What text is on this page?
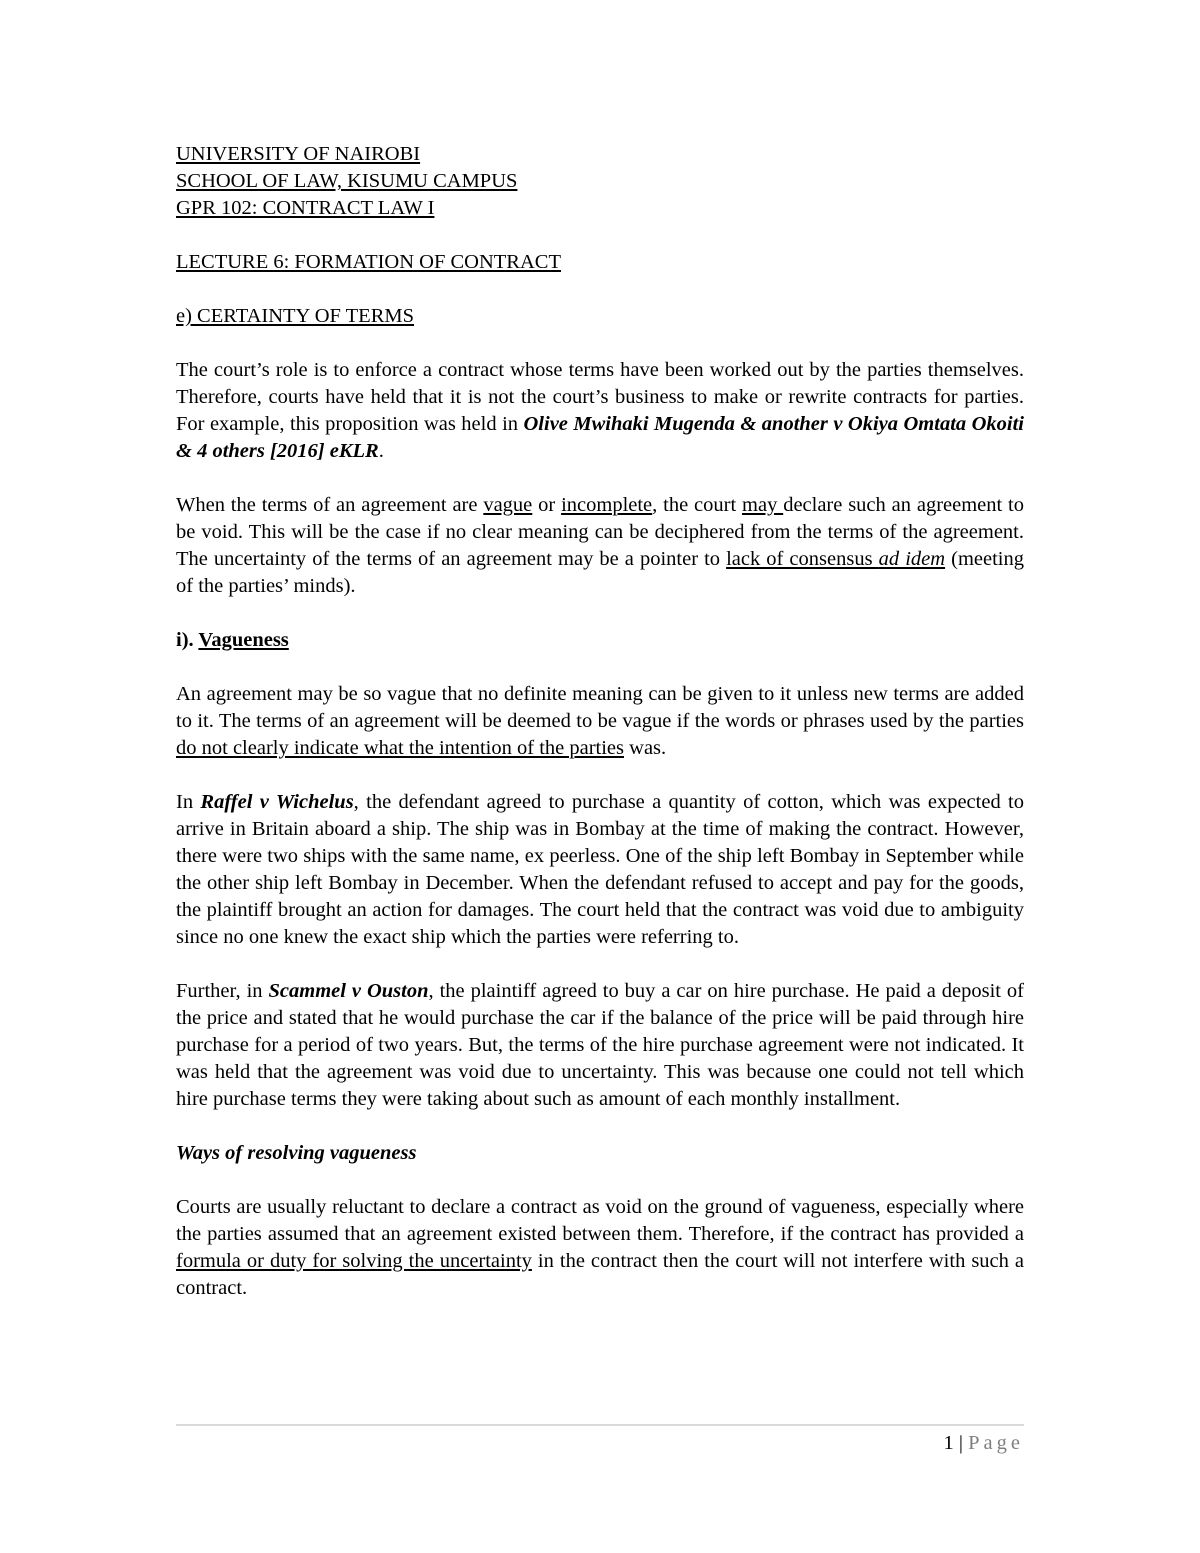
UNIVERSITY OF NAIROBI
SCHOOL OF LAW, KISUMU CAMPUS
GPR 102: CONTRACT LAW I

LECTURE 6: FORMATION OF CONTRACT

e) CERTAINTY OF TERMS

The court’s role is to enforce a contract whose terms have been worked out by the parties themselves. Therefore, courts have held that it is not the court’s business to make or rewrite contracts for parties. For example, this proposition was held in Olive Mwihaki Mugenda & another v Okiya Omtata Okoiti & 4 others [2016] eKLR.

When the terms of an agreement are vague or incomplete, the court may declare such an agreement to be void. This will be the case if no clear meaning can be deciphered from the terms of the agreement. The uncertainty of the terms of an agreement may be a pointer to lack of consensus ad idem (meeting of the parties’ minds).

i). Vagueness

An agreement may be so vague that no definite meaning can be given to it unless new terms are added to it. The terms of an agreement will be deemed to be vague if the words or phrases used by the parties do not clearly indicate what the intention of the parties was.

In Raffel v Wichelus, the defendant agreed to purchase a quantity of cotton, which was expected to arrive in Britain aboard a ship. The ship was in Bombay at the time of making the contract. However, there were two ships with the same name, ex peerless. One of the ship left Bombay in September while the other ship left Bombay in December. When the defendant refused to accept and pay for the goods, the plaintiff brought an action for damages. The court held that the contract was void due to ambiguity since no one knew the exact ship which the parties were referring to.

Further, in Scammel v Ouston, the plaintiff agreed to buy a car on hire purchase. He paid a deposit of the price and stated that he would purchase the car if the balance of the price will be paid through hire purchase for a period of two years. But, the terms of the hire purchase agreement were not indicated. It was held that the agreement was void due to uncertainty. This was because one could not tell which hire purchase terms they were taking about such as amount of each monthly installment.

Ways of resolving vagueness

Courts are usually reluctant to declare a contract as void on the ground of vagueness, especially where the parties assumed that an agreement existed between them. Therefore, if the contract has provided a formula or duty for solving the uncertainty in the contract then the court will not interfere with such a contract.

1 | Page
